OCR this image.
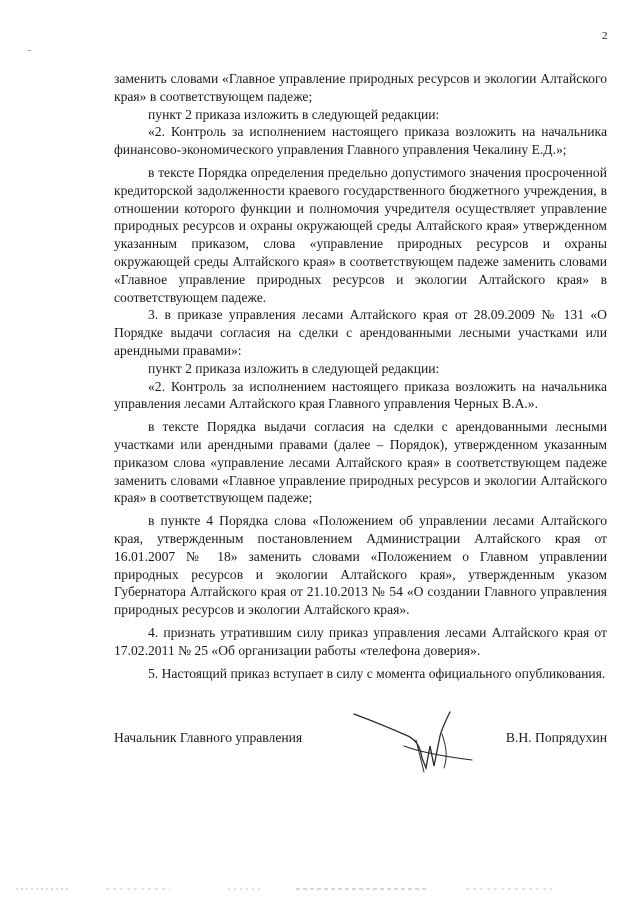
2

заменить словами «Главное управление природных ресурсов и экологии Алтайского края» в соответствующем падеже;

пункт 2 приказа изложить в следующей редакции:

«2. Контроль за исполнением настоящего приказа возложить на начальника финансово-экономического управления Главного управления Чекалину Е.Д.»;

в тексте Порядка определения предельно допустимого значения просроченной кредиторской задолженности краевого государственного бюджетного учреждения, в отношении которого функции и полномочия учредителя осуществляет управление природных ресурсов и охраны окружающей среды Алтайского края» утвержденном указанным приказом, слова «управление природных ресурсов и охраны окружающей среды Алтайского края» в соответствующем падеже заменить словами «Главное управление природных ресурсов и экологии Алтайского края» в соответствующем падеже.

3. в приказе управления лесами Алтайского края от 28.09.2009 № 131 «О Порядке выдачи согласия на сделки с арендованными лесными участками или арендными правами»:

пункт 2 приказа изложить в следующей редакции:

«2. Контроль за исполнением настоящего приказа возложить на начальника управления лесами Алтайского края Главного управления Черных В.А.».

в тексте Порядка выдачи согласия на сделки с арендованными лесными участками или арендными правами (далее – Порядок), утвержденном указанным приказом слова «управление лесами Алтайского края» в соответствующем падеже заменить словами «Главное управление природных ресурсов и экологии Алтайского края» в соответствующем падеже;

в пункте 4 Порядка слова «Положением об управлении лесами Алтайского края, утвержденным постановлением Администрации Алтайского края от 16.01.2007 № 18» заменить словами «Положением о Главном управлении природных ресурсов и экологии Алтайского края», утвержденным указом Губернатора Алтайского края от 21.10.2013 № 54 «О создании Главного управления природных ресурсов и экологии Алтайского края».

4. признать утратившим силу приказ управления лесами Алтайского края от 17.02.2011 № 25 «Об организации работы «телефона доверия».

5. Настоящий приказ вступает в силу с момента официального опубликования.

Начальник Главного управления	В.Н. Попрядухин
